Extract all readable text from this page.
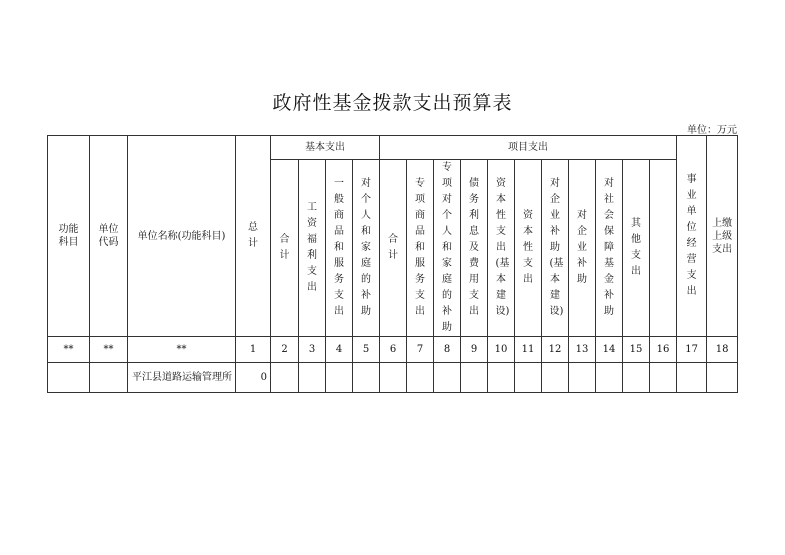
政府性基金拨款支出预算表
单位：万元
功能科目	单位代码	单位名称(功能科目)	总计	基本支出				项目支出											事业单位经营支出	上缴上级支出	
				合计	工资福利支出	一般商品和服务支出	对个人和家庭的补助	合计	专项商品和服务支出	专项对个人和家庭的补助	债务利息及费用支出	资本性支出(基本建设)	资本性支出	对企业补助(基本建设)	对企业补助	对社会保障基金补助	其他支出				
**	**	**	1	2	3	4	5	6	7	8	9	10	11	12	13	14	15	16	17	18	
		平江县道路运输管理所	0																		
